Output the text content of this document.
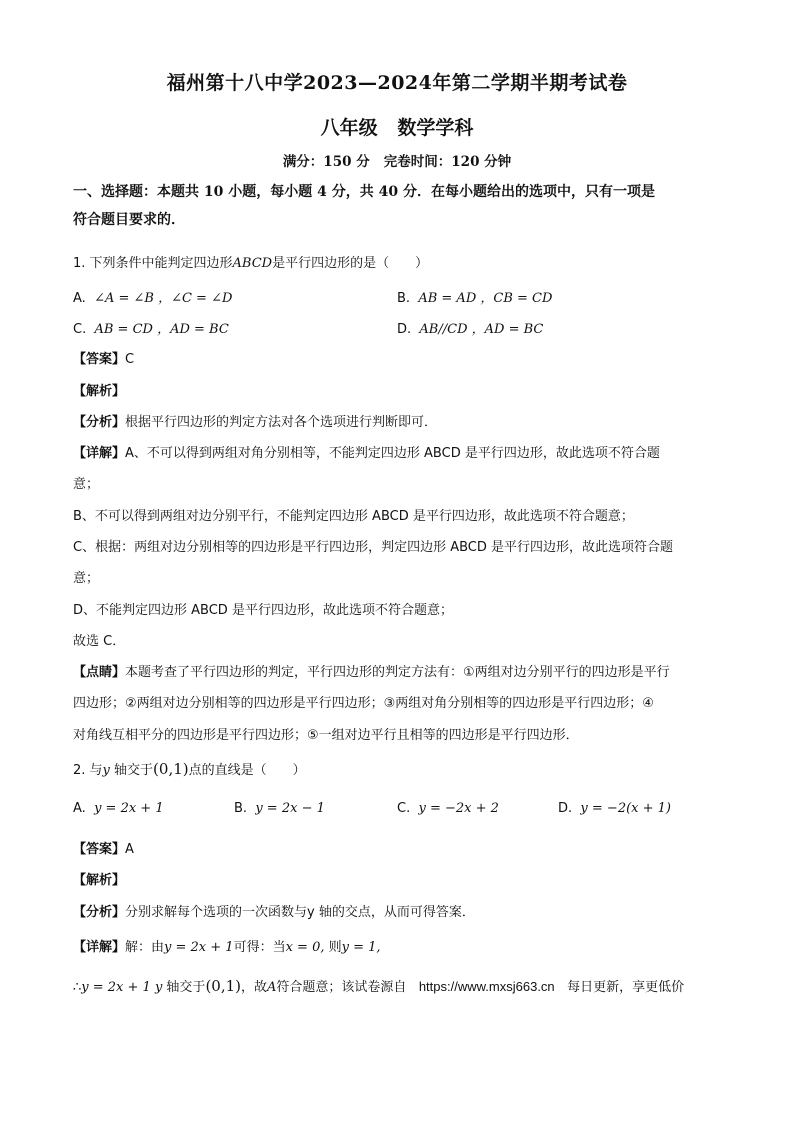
福州第十八中学2023—2024年第二学期半期考试卷
八年级   数学学科
满分：150 分   完卷时间：120 分钟
一、选择题：本题共 10 小题，每小题 4 分，共 40 分．在每小题给出的选项中，只有一项是
符合题目要求的．
1. 下列条件中能判定四边形ABCD是平行四边形的是（　　）
A. ∠A = ∠B ，∠C = ∠D	B. AB = AD ，CB = CD
C. AB = CD ，AD = BC	D. AB//CD ，AD = BC
【答案】C
【解析】
【分析】根据平行四边形的判定方法对各个选项进行判断即可．
【详解】A、不可以得到两组对角分别相等，不能判定四边形 ABCD 是平行四边形，故此选项不符合题
意；
B、不可以得到两组对边分别平行，不能判定四边形 ABCD 是平行四边形，故此选项不符合题意；
C、根据：两组对边分别相等的四边形是平行四边形，判定四边形 ABCD 是平行四边形，故此选项符合题
意；
D、不能判定四边形 ABCD 是平行四边形，故此选项不符合题意；
故选 C．
【点睛】本题考查了平行四边形的判定，平行四边形的判定方法有：①两组对边分别平行的四边形是平行
四边形；②两组对边分别相等的四边形是平行四边形；③两组对角分别相等的四边形是平行四边形；④
对角线互相平分的四边形是平行四边形；⑤一组对边平行且相等的四边形是平行四边形．
2. 与y 轴交于(0,1)点的直线是（　　）
A. y = 2x + 1	B. y = 2x − 1	C. y = −2x + 2	D. y = −2(x + 1)
【答案】A
【解析】
【分析】分别求解每个选项的一次函数与y 轴的交点，从而可得答案．
【详解】解：由y = 2x + 1可得：当x = 0, 则y = 1,
∴y = 2x + 1 y 轴交于(0,1)，故A符合题意；该试卷源自 https://www.mxsj663.cn 每日更新，享更低价
